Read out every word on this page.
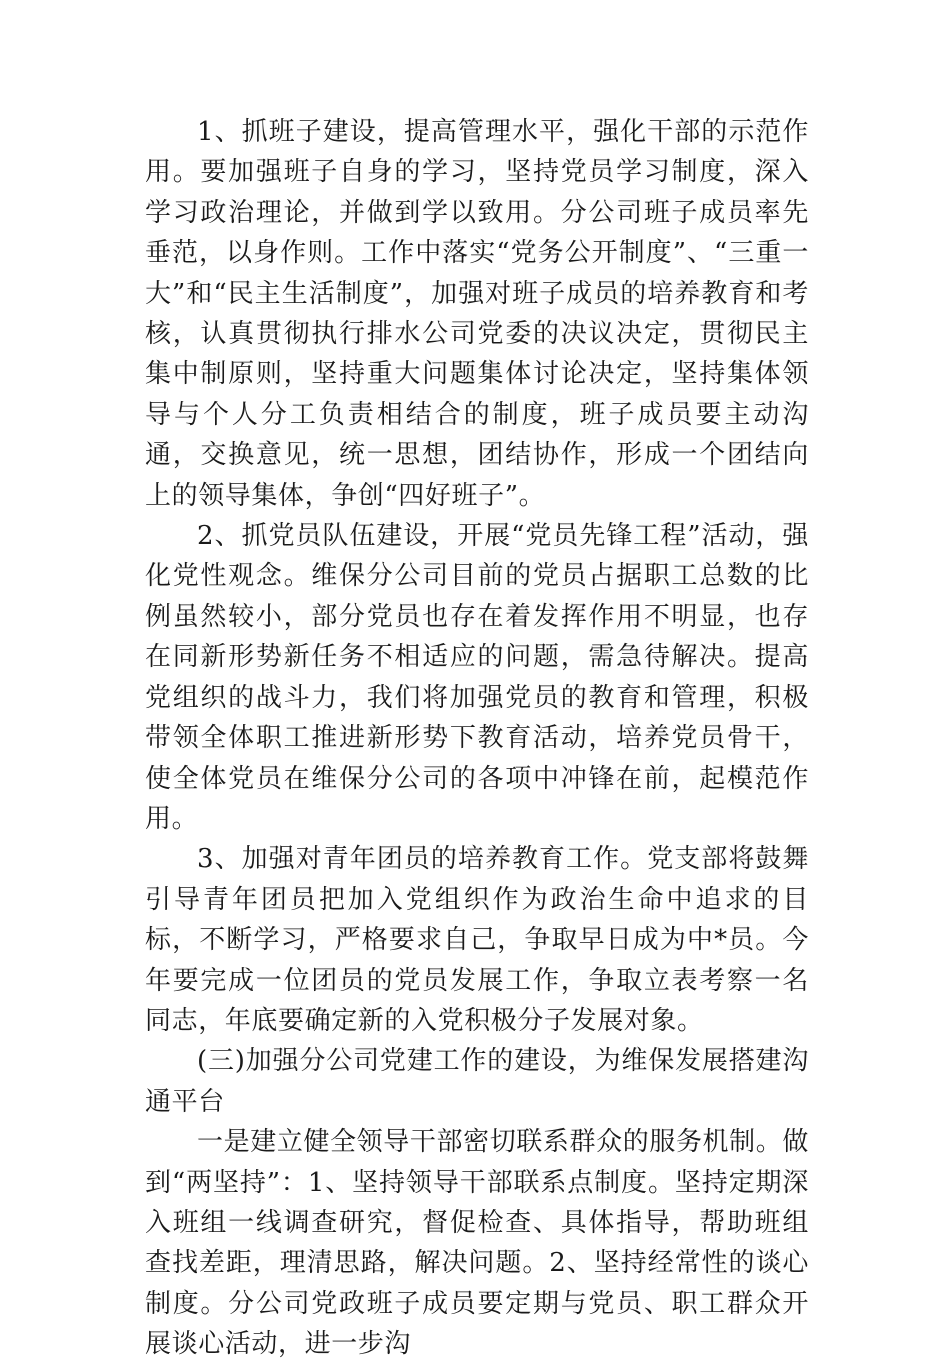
1、抓班子建设，提高管理水平，强化干部的示范作用。要加强班子自身的学习，坚持党员学习制度，深入学习政治理论，并做到学以致用。分公司班子成员率先垂范，以身作则。工作中落实“党务公开制度”、“三重一大”和“民主生活制度”，加强对班子成员的培养教育和考核，认真贯彻执行排水公司党委的决议决定，贯彻民主集中制原则，坚持重大问题集体讨论决定，坚持集体领导与个人分工负责相结合的制度，班子成员要主动沟通，交换意见，统一思想，团结协作，形成一个团结向上的领导集体，争创“四好班子”。

2、抓党员队伍建设，开展“党员先锋工程”活动，强化党性观念。维保分公司目前的党员占据职工总数的比例虽然较小，部分党员也存在着发挥作用不明显，也存在同新形势新任务不相适应的问题，需急待解决。提高党组织的战斗力，我们将加强党员的教育和管理，积极带领全体职工推进新形势下教育活动，培养党员骨干，使全体党员在维保分公司的各项中冲锋在前，起模范作用。

3、加强对青年团员的培养教育工作。党支部将鼓舞引导青年团员把加入党组织作为政治生命中追求的目标，不断学习，严格要求自己，争取早日成为中*员。今年要完成一位团员的党员发展工作，争取立表考察一名同志，年底要确定新的入党积极分子发展对象。

(三)加强分公司党建工作的建设，为维保发展搭建沟通平台

一是建立健全领导干部密切联系群众的服务机制。做到“两坚持”：1、坚持领导干部联系点制度。坚持定期深入班组一线调查研究，督促检查、具体指导，帮助班组查找差距，理清思路，解决问题。2、坚持经常性的谈心制度。分公司党政班子成员要定期与党员、职工群众开展谈心活动，进一步沟
